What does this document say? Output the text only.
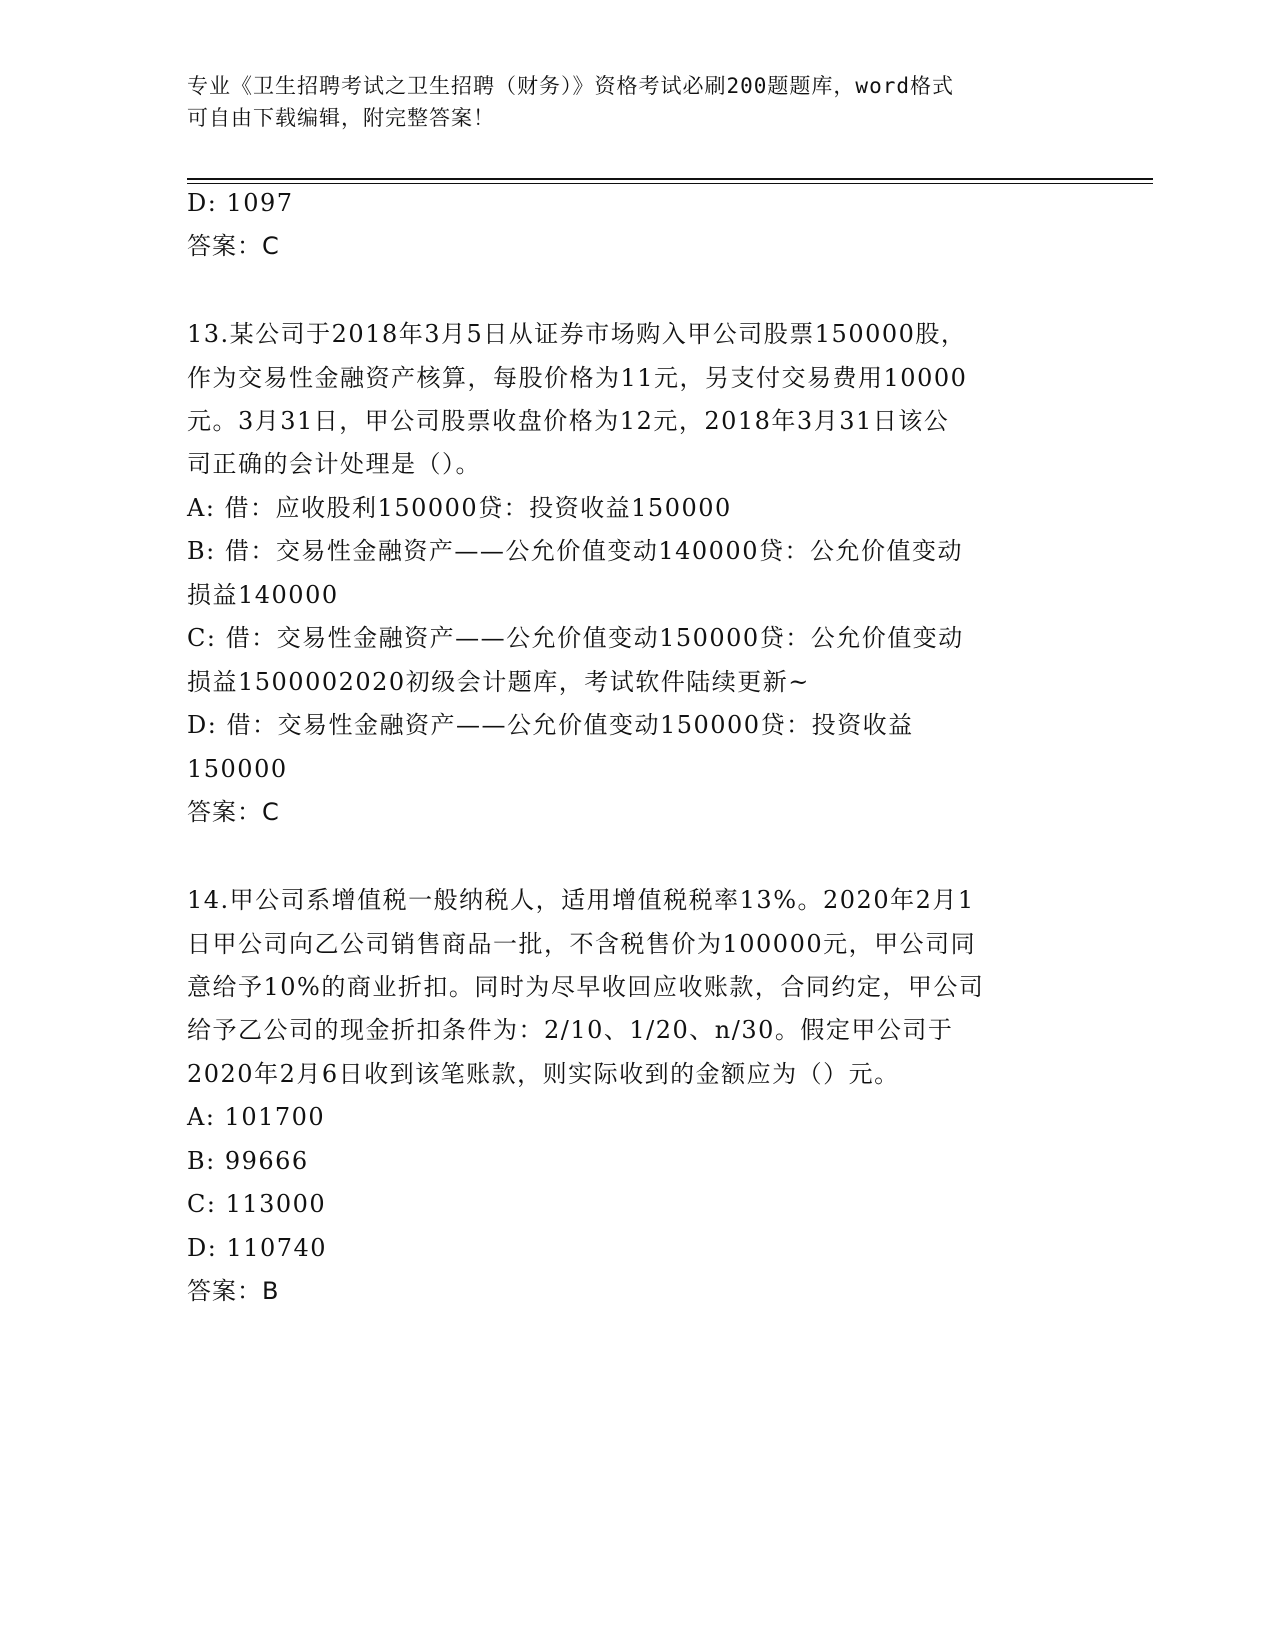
专业《卫生招聘考试之卫生招聘（财务）》资格考试必刷200题题库，word格式
可自由下载编辑，附完整答案！
D: 1097
答案：C
13.某公司于2018年3月5日从证券市场购入甲公司股票150000股，
作为交易性金融资产核算，每股价格为11元，另支付交易费用10000
元。3月31日，甲公司股票收盘价格为12元，2018年3月31日该公
司正确的会计处理是（）。
A: 借：应收股利150000贷：投资收益150000
B: 借：交易性金融资产——公允价值变动140000贷：公允价值变动
损益140000
C: 借：交易性金融资产——公允价值变动150000贷：公允价值变动
损益1500002020初级会计题库，考试软件陆续更新~
D: 借：交易性金融资产——公允价值变动150000贷：投资收益
150000
答案：C
14.甲公司系增值税一般纳税人，适用增值税税率13%。2020年2月1
日甲公司向乙公司销售商品一批，不含税售价为100000元，甲公司同
意给予10%的商业折扣。同时为尽早收回应收账款，合同约定，甲公司
给予乙公司的现金折扣条件为：2/10、1/20、n/30。假定甲公司于
2020年2月6日收到该笔账款，则实际收到的金额应为（）元。
A: 101700
B: 99666
C: 113000
D: 110740
答案：B
